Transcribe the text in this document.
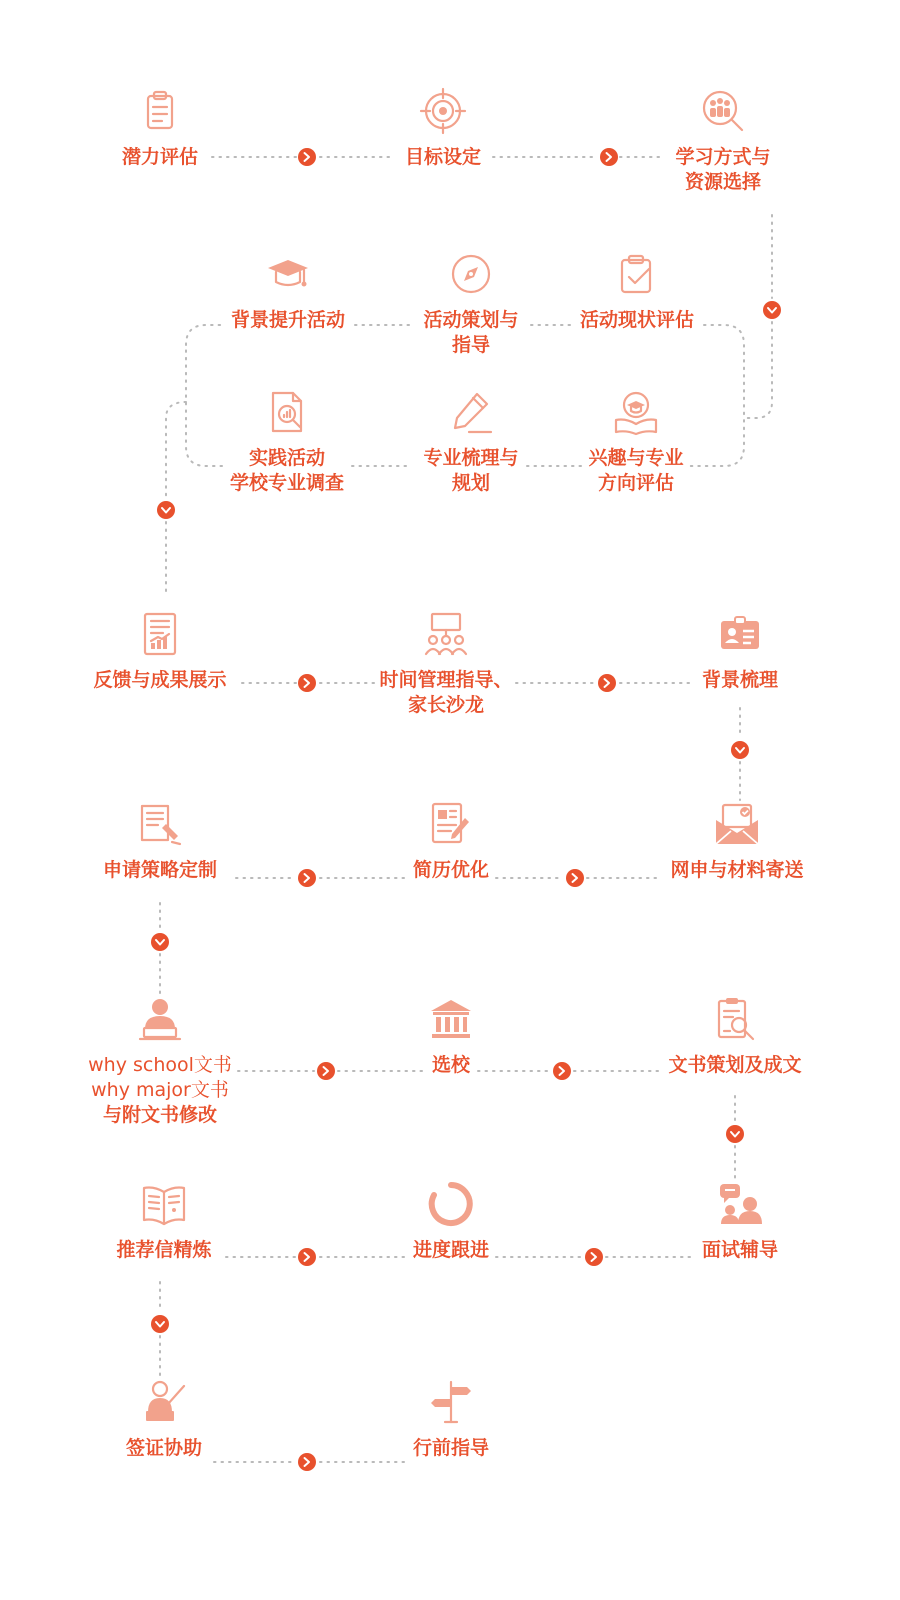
潜力评估	目标设定	学习方式与
资源选择
背景提升活动	活动策划与
指导
活动现状评估
实践活动
学校专业调查
专业梳理与
规划
兴趣与专业
方向评估
反馈与成果展示	时间管理指导、
家长沙龙
背景梳理
申请策略定制	简历优化	网申与材料寄送
why school文书
why major文书
与附文书修改
选校	文书策划及成文
推荐信精炼	进度跟进	面试辅导
签证协助	行前指导
